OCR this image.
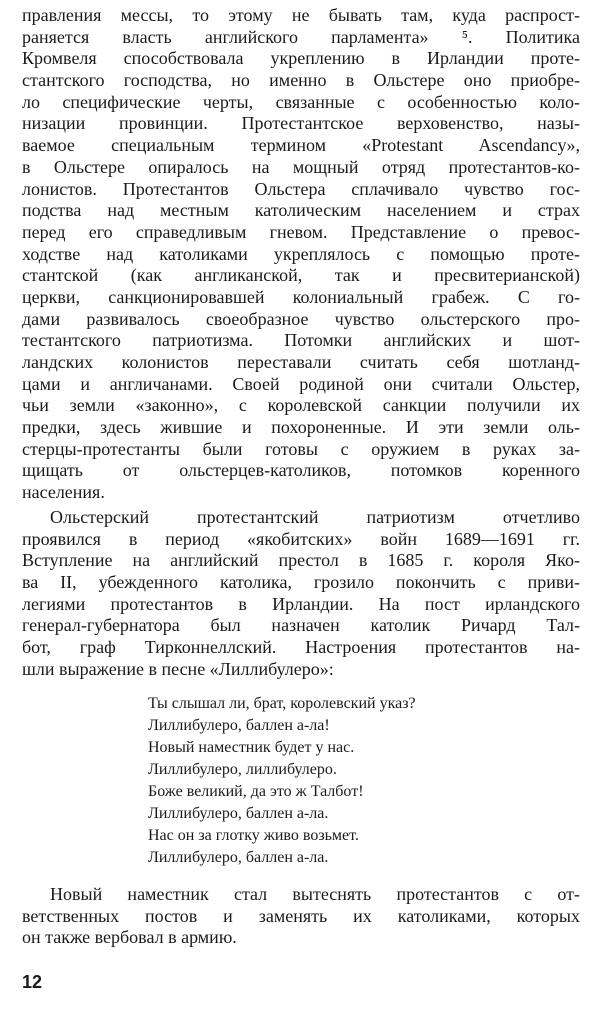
правления мессы, то этому не бывать там, куда распрост-
раняется власть английского парламента» ⁵. Политика
Кромвеля способствовала укреплению в Ирландии проте-
стантского господства, но именно в Ольстере оно приобре-
ло специфические черты, связанные с особенностью коло-
низации провинции. Протестантское верховенство, назы-
ваемое специальным термином «Protestant Ascendancy»,
в Ольстере опиралось на мощный отряд протестантов-ко-
лонистов. Протестантов Ольстера сплачивало чувство гос-
подства над местным католическим населением и страх
перед его справедливым гневом. Представление о превос-
ходстве над католиками укреплялось с помощью проте-
стантской (как англиканской, так и пресвитерианской)
церкви, санкционировавшей колониальный грабеж. С го-
дами развивалось своеобразное чувство ольстерского про-
тестантского патриотизма. Потомки английских и шот-
ландских колонистов переставали считать себя шотланд-
цами и англичанами. Своей родиной они считали Ольстер,
чьи земли «законно», с королевской санкции получили их
предки, здесь жившие и похороненные. И эти земли оль-
стерцы-протестанты были готовы с оружием в руках за-
щищать от ольстерцев-католиков, потомков коренного
населения.
Ольстерский протестантский патриотизм отчетливо
проявился в период «якобитских» войн 1689—1691 гг.
Вступление на английский престол в 1685 г. короля Яко-
ва II, убежденного католика, грозило покончить с приви-
легиями протестантов в Ирландии. На пост ирландского
генерал-губернатора был назначен католик Ричард Тал-
бот, граф Тирконнеллский. Настроения протестантов на-
шли выражение в песне «Лиллибулеро»:
Ты слышал ли, брат, королевский указ?
Лиллибулеро, баллен а-ла!
Новый наместник будет у нас.
Лиллибулеро, лиллибулеро.
Боже великий, да это ж Талбот!
Лиллибулеро, баллен а-ла.
Нас он за глотку живо возьмет.
Лиллибулеро, баллен а-ла.
Новый наместник стал вытеснять протестантов с от-
ветственных постов и заменять их католиками, которых
он также вербовал в армию.
12
